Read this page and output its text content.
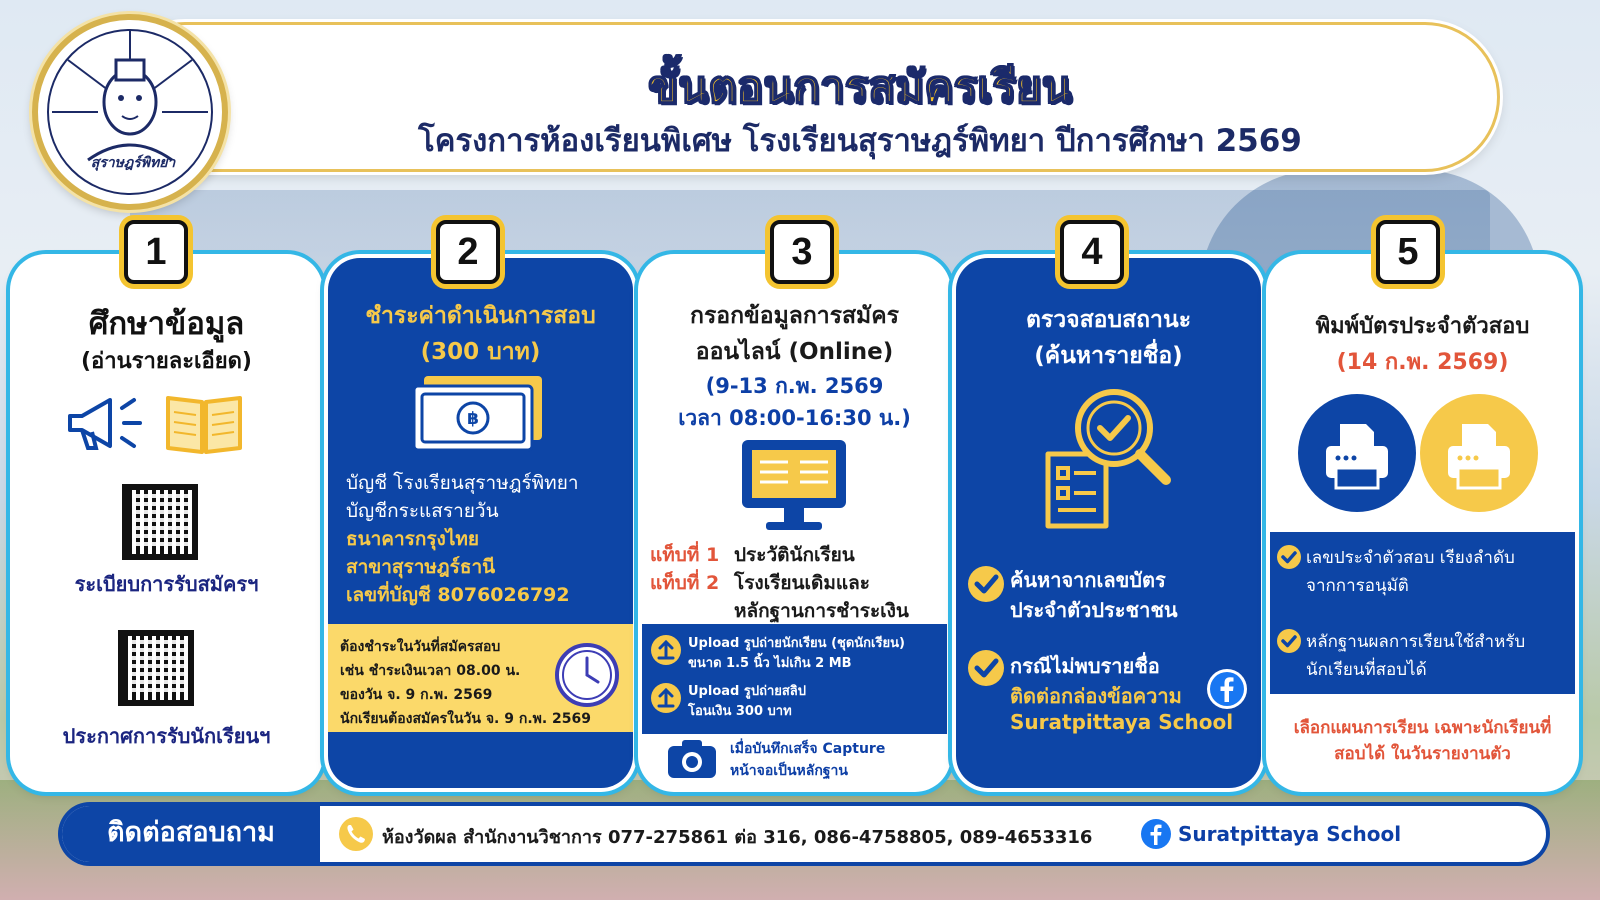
สุราษฎร์พิทยา
ขั้นตอนการสมัครเรียน
โครงการห้องเรียนพิเศษ โรงเรียนสุราษฎร์พิทยา ปีการศึกษา 2569
ศึกษาข้อมูล
(อ่านรายละเอียด)
ระเบียบการรับสมัครฯ
ประกาศการรับนักเรียนฯ
1
ชำระค่าดำเนินการสอบ
(300 บาท)
฿
บัญชี โรงเรียนสุราษฎร์พิทยา
บัญชีกระแสรายวัน
ธนาคารกรุงไทย
สาขาสุราษฎร์ธานี
เลขที่บัญชี 8076026792
ต้องชำระในวันที่สมัครสอบ
เช่น ชำระเงินเวลา 08.00 น.
ของวัน จ. 9 ก.พ. 2569
นักเรียนต้องสมัครในวัน จ. 9 ก.พ. 2569
2
กรอกข้อมูลการสมัคร
ออนไลน์ (Online)
(9-13 ก.พ. 2569
เวลา 08:00-16:30 น.)
แท็บที่ 1 ประวัตินักเรียน
แท็บที่ 2 โรงเรียนเดิมและ
หลักฐานการชำระเงิน
Upload รูปถ่ายนักเรียน (ชุดนักเรียน)
ขนาด 1.5 นิ้ว ไม่เกิน 2 MB
Upload รูปถ่ายสลิป
โอนเงิน 300 บาท
เมื่อบันทึกเสร็จ Capture
หน้าจอเป็นหลักฐาน
3
ตรวจสอบสถานะ
(ค้นหารายชื่อ)
ค้นหาจากเลขบัตร
ประจำตัวประชาชน
กรณีไม่พบรายชื่อ
ติดต่อกล่องข้อความ
Suratpittaya School
4
พิมพ์บัตรประจำตัวสอบ
(14 ก.พ. 2569)
เลขประจำตัวสอบ เรียงลำดับ
จากการอนุมัติ
หลักฐานผลการเรียนใช้สำหรับ
นักเรียนที่สอบได้
เลือกแผนการเรียน เฉพาะนักเรียนที่
สอบได้ ในวันรายงานตัว
5
ติดต่อสอบถาม	ห้องวัดผล สำนักงานวิชาการ 077-275861 ต่อ 316, 086-4758805, 089-4653316	Suratpittaya School
